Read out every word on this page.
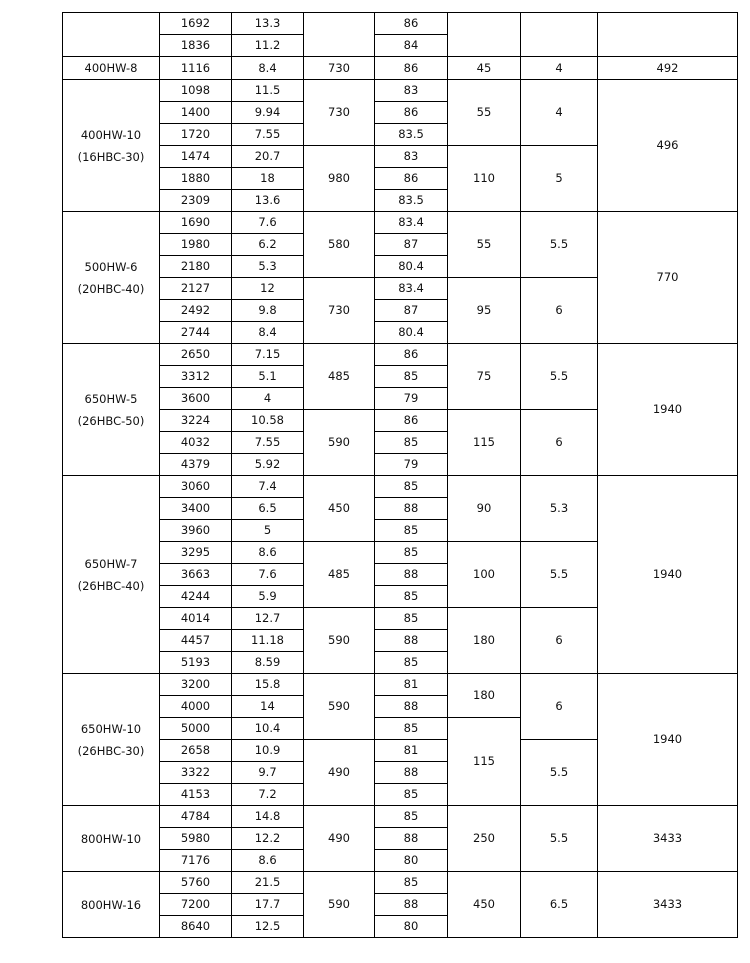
	1692	13.3		86			
	1836	11.2		84			

400HW-8	1116	8.4	730	86	45	4	492

400HW-10
(16HBC-30)	1098	11.5	730	83	55	4	496
	1400	9.94		86			
	1720	7.55		83.5			
	1474	20.7	980	83	110	5	
	1880	18		86			
	2309	13.6		83.5			

500HW-6
(20HBC-40)	1690	7.6	580	83.4	55	5.5	770
	1980	6.2		87			
	2180	5.3		80.4			
	2127	12	730	83.4	95	6	
	2492	9.8		87			
	2744	8.4		80.4			

650HW-5
(26HBC-50)	2650	7.15	485	86	75	5.5	1940
	3312	5.1		85			
	3600	4		79			
	3224	10.58	590	86	115	6	
	4032	7.55		85			
	4379	5.92		79			

650HW-7
(26HBC-40)	3060	7.4	450	85	90	5.3	1940
	3400	6.5		88			
	3960	5		85			
	3295	8.6	485	85	100	5.5	
	3663	7.6		88			
	4244	5.9		85			
	4014	12.7	590	85	180	6	
	4457	11.18		88			
	5193	8.59		85			

650HW-10
(26HBC-30)	3200	15.8	590	81	180	6	1940
	4000	14		88			
	5000	10.4		85	115		
	2658	10.9	490	81		5.5	
	3322	9.7		88			
	4153	7.2		85			

800HW-10	4784	14.8	490	85	250	5.5	3433
	5980	12.2		88			
	7176	8.6		80			

800HW-16	5760	21.5	590	85	450	6.5	3433
	7200	17.7		88			
	8640	12.5		80			
